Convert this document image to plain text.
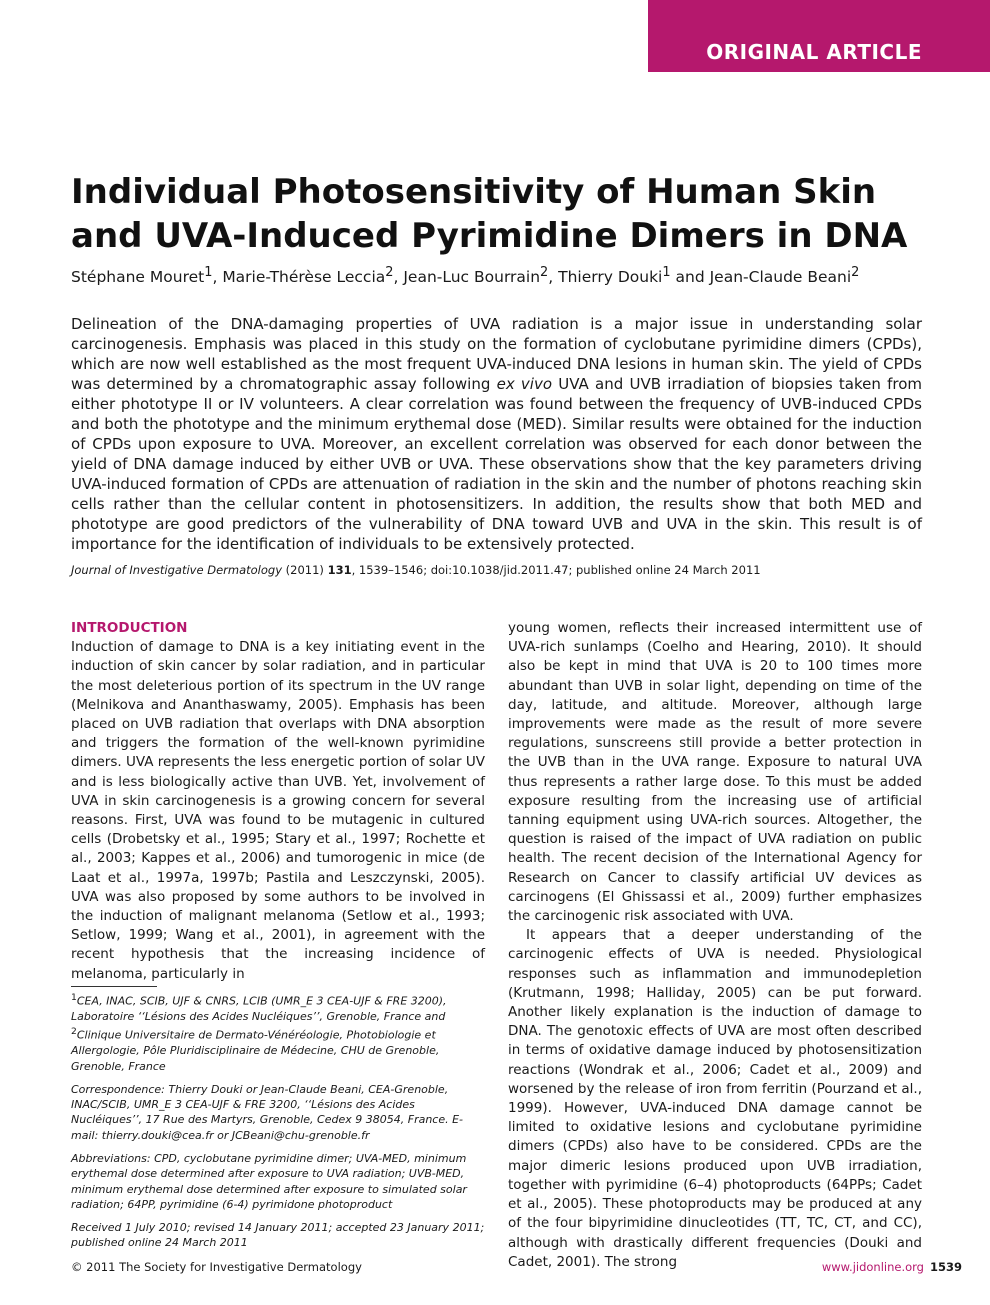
ORIGINAL ARTICLE
Individual Photosensitivity of Human Skin and UVA-Induced Pyrimidine Dimers in DNA
Stéphane Mouret$^1$, Marie-Thérèse Leccia$^2$, Jean-Luc Bourrain$^2$, Thierry Douki$^1$ and Jean-Claude Beani$^2$
Delineation of the DNA-damaging properties of UVA radiation is a major issue in understanding solar carcinogenesis. Emphasis was placed in this study on the formation of cyclobutane pyrimidine dimers (CPDs), which are now well established as the most frequent UVA-induced DNA lesions in human skin. The yield of CPDs was determined by a chromatographic assay following ex vivo UVA and UVB irradiation of biopsies taken from either phototype II or IV volunteers. A clear correlation was found between the frequency of UVB-induced CPDs and both the phototype and the minimum erythemal dose (MED). Similar results were obtained for the induction of CPDs upon exposure to UVA. Moreover, an excellent correlation was observed for each donor between the yield of DNA damage induced by either UVB or UVA. These observations show that the key parameters driving UVA-induced formation of CPDs are attenuation of radiation in the skin and the number of photons reaching skin cells rather than the cellular content in photosensitizers. In addition, the results show that both MED and phototype are good predictors of the vulnerability of DNA toward UVB and UVA in the skin. This result is of importance for the identification of individuals to be extensively protected.
Journal of Investigative Dermatology (2011) 131, 1539–1546; doi:10.1038/jid.2011.47; published online 24 March 2011
INTRODUCTION

Induction of damage to DNA is a key initiating event in the induction of skin cancer by solar radiation, and in particular the most deleterious portion of its spectrum in the UV range (Melnikova and Ananthaswamy, 2005). Emphasis has been placed on UVB radiation that overlaps with DNA absorption and triggers the formation of the well-known pyrimidine dimers. UVA represents the less energetic portion of solar UV and is less biologically active than UVB. Yet, involvement of UVA in skin carcinogenesis is a growing concern for several reasons. First, UVA was found to be mutagenic in cultured cells (Drobetsky et al., 1995; Stary et al., 1997; Rochette et al., 2003; Kappes et al., 2006) and tumorogenic in mice (de Laat et al., 1997a, 1997b; Pastila and Leszczynski, 2005). UVA was also proposed by some authors to be involved in the induction of malignant melanoma (Setlow et al., 1993; Setlow, 1999; Wang et al., 2001), in agreement with the recent hypothesis that the increasing incidence of melanoma, particularly in

$^1$CEA, INAC, SCIB, UJF & CNRS, LCIB (UMR_E 3 CEA-UJF & FRE 3200), Laboratoire ‘‘Lésions des Acides Nucléiques’’, Grenoble, France and
$^2$Clinique Universitaire de Dermato-Vénéréologie, Photobiologie et Allergologie, Pôle Pluridisciplinaire de Médecine, CHU de Grenoble, Grenoble, France

Correspondence: Thierry Douki or Jean-Claude Beani, CEA-Grenoble, INAC/SCIB, UMR_E 3 CEA-UJF & FRE 3200, ‘‘Lésions des Acides Nucléiques’’, 17 Rue des Martyrs, Grenoble, Cedex 9 38054, France. E-mail: thierry.douki@cea.fr or JCBeani@chu-grenoble.fr

Abbreviations: CPD, cyclobutane pyrimidine dimer; UVA-MED, minimum erythemal dose determined after exposure to UVA radiation; UVB-MED, minimum erythemal dose determined after exposure to simulated solar radiation; 64PP, pyrimidine (6-4) pyrimidone photoproduct

Received 1 July 2010; revised 14 January 2011; accepted 23 January 2011; published online 24 March 2011

young women, reflects their increased intermittent use of UVA-rich sunlamps (Coelho and Hearing, 2010). It should also be kept in mind that UVA is 20 to 100 times more abundant than UVB in solar light, depending on time of the day, latitude, and altitude. Moreover, although large improvements were made as the result of more severe regulations, sunscreens still provide a better protection in the UVB than in the UVA range. Exposure to natural UVA thus represents a rather large dose. To this must be added exposure resulting from the increasing use of artificial tanning equipment using UVA-rich sources. Altogether, the question is raised of the impact of UVA radiation on public health. The recent decision of the International Agency for Research on Cancer to classify artificial UV devices as carcinogens (El Ghissassi et al., 2009) further emphasizes the carcinogenic risk associated with UVA.

It appears that a deeper understanding of the carcinogenic effects of UVA is needed. Physiological responses such as inflammation and immunodepletion (Krutmann, 1998; Halliday, 2005) can be put forward. Another likely explanation is the induction of damage to DNA. The genotoxic effects of UVA are most often described in terms of oxidative damage induced by photosensitization reactions (Wondrak et al., 2006; Cadet et al., 2009) and worsened by the release of iron from ferritin (Pourzand et al., 1999). However, UVA-induced DNA damage cannot be limited to oxidative lesions and cyclobutane pyrimidine dimers (CPDs) also have to be considered. CPDs are the major dimeric lesions produced upon UVB irradiation, together with pyrimidine (6–4) photoproducts (64PPs; Cadet et al., 2005). These photoproducts may be produced at any of the four bipyrimidine dinucleotides (TT, TC, CT, and CC), although with drastically different frequencies (Douki and Cadet, 2001). The strong

© 2011 The Society for Investigative Dermatology	www.jidonline.org 1539
